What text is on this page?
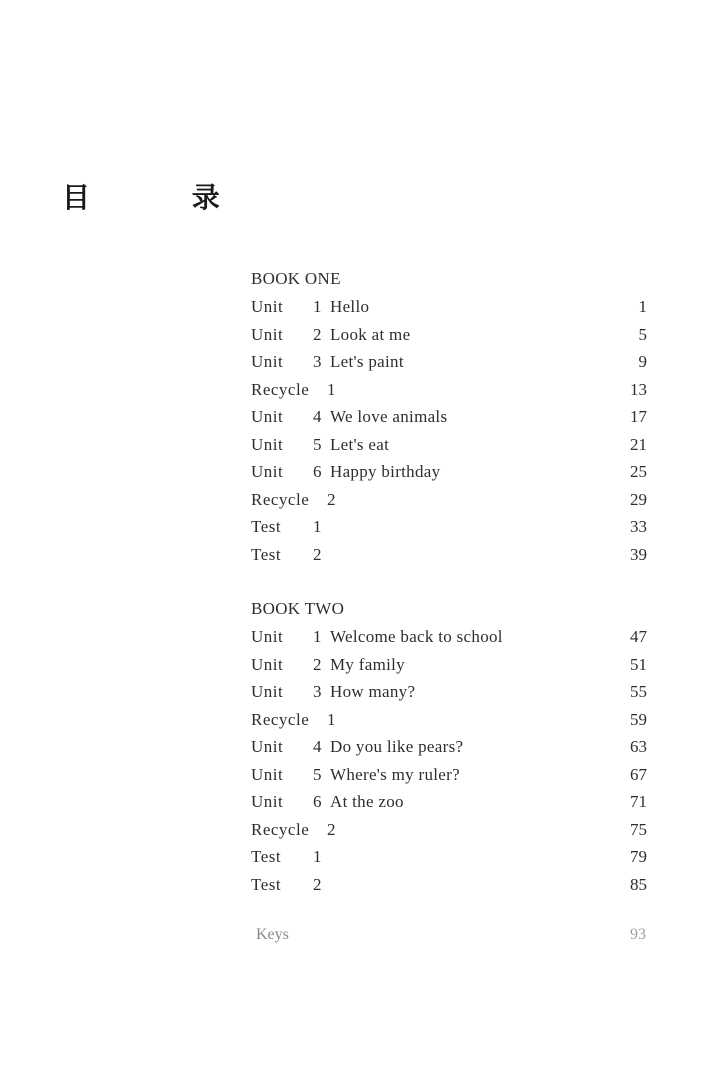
目 录
BOOK ONE
Unit 1 Hello	1
Unit 2 Look at me	5
Unit 3 Let's paint	9
Recycle 1	13
Unit 4 We love animals	17
Unit 5 Let's eat	21
Unit 6 Happy birthday	25
Recycle 2	29
Test 1	33
Test 2	39
BOOK TWO
Unit 1 Welcome back to school	47
Unit 2 My family	51
Unit 3 How many?	55
Recycle 1	59
Unit 4 Do you like pears?	63
Unit 5 Where's my ruler?	67
Unit 6 At the zoo	71
Recycle 2	75
Test 1	79
Test 2	85
Keys	93
